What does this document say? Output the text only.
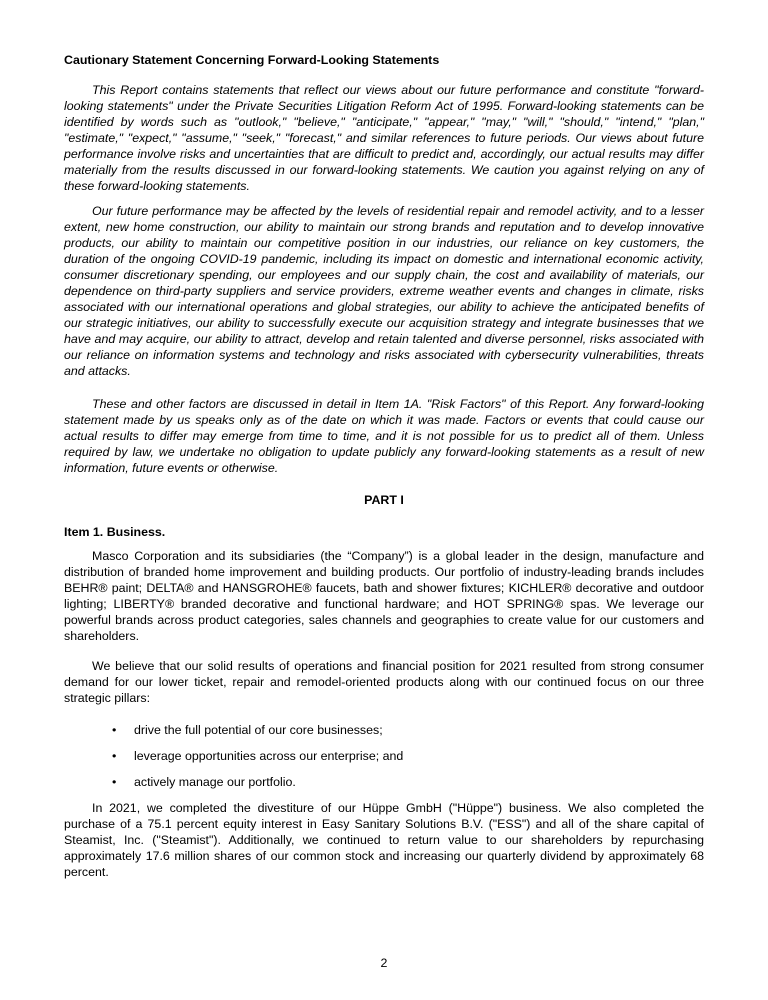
Cautionary Statement Concerning Forward-Looking Statements

This Report contains statements that reflect our views about our future performance and constitute "forward-looking statements" under the Private Securities Litigation Reform Act of 1995. Forward-looking statements can be identified by words such as "outlook," "believe," "anticipate," "appear," "may," "will," "should," "intend," "plan," "estimate," "expect," "assume," "seek," "forecast," and similar references to future periods. Our views about future performance involve risks and uncertainties that are difficult to predict and, accordingly, our actual results may differ materially from the results discussed in our forward-looking statements. We caution you against relying on any of these forward-looking statements.

Our future performance may be affected by the levels of residential repair and remodel activity, and to a lesser extent, new home construction, our ability to maintain our strong brands and reputation and to develop innovative products, our ability to maintain our competitive position in our industries, our reliance on key customers, the duration of the ongoing COVID-19 pandemic, including its impact on domestic and international economic activity, consumer discretionary spending, our employees and our supply chain, the cost and availability of materials, our dependence on third-party suppliers and service providers, extreme weather events and changes in climate, risks associated with our international operations and global strategies, our ability to achieve the anticipated benefits of our strategic initiatives, our ability to successfully execute our acquisition strategy and integrate businesses that we have and may acquire, our ability to attract, develop and retain talented and diverse personnel, risks associated with our reliance on information systems and technology and risks associated with cybersecurity vulnerabilities, threats and attacks.

These and other factors are discussed in detail in Item 1A. "Risk Factors" of this Report. Any forward-looking statement made by us speaks only as of the date on which it was made. Factors or events that could cause our actual results to differ may emerge from time to time, and it is not possible for us to predict all of them. Unless required by law, we undertake no obligation to update publicly any forward-looking statements as a result of new information, future events or otherwise.

PART I
Item 1. Business.

Masco Corporation and its subsidiaries (the “Company”) is a global leader in the design, manufacture and distribution of branded home improvement and building products. Our portfolio of industry-leading brands includes BEHR® paint; DELTA® and HANSGROHE® faucets, bath and shower fixtures; KICHLER® decorative and outdoor lighting; LIBERTY® branded decorative and functional hardware; and HOT SPRING® spas. We leverage our powerful brands across product categories, sales channels and geographies to create value for our customers and shareholders.

We believe that our solid results of operations and financial position for 2021 resulted from strong consumer demand for our lower ticket, repair and remodel-oriented products along with our continued focus on our three strategic pillars:

• drive the full potential of our core businesses;
• leverage opportunities across our enterprise; and
• actively manage our portfolio.

In 2021, we completed the divestiture of our Hüppe GmbH ("Hüppe") business. We also completed the purchase of a 75.1 percent equity interest in Easy Sanitary Solutions B.V. ("ESS") and all of the share capital of Steamist, Inc. ("Steamist"). Additionally, we continued to return value to our shareholders by repurchasing approximately 17.6 million shares of our common stock and increasing our quarterly dividend by approximately 68 percent.

2
